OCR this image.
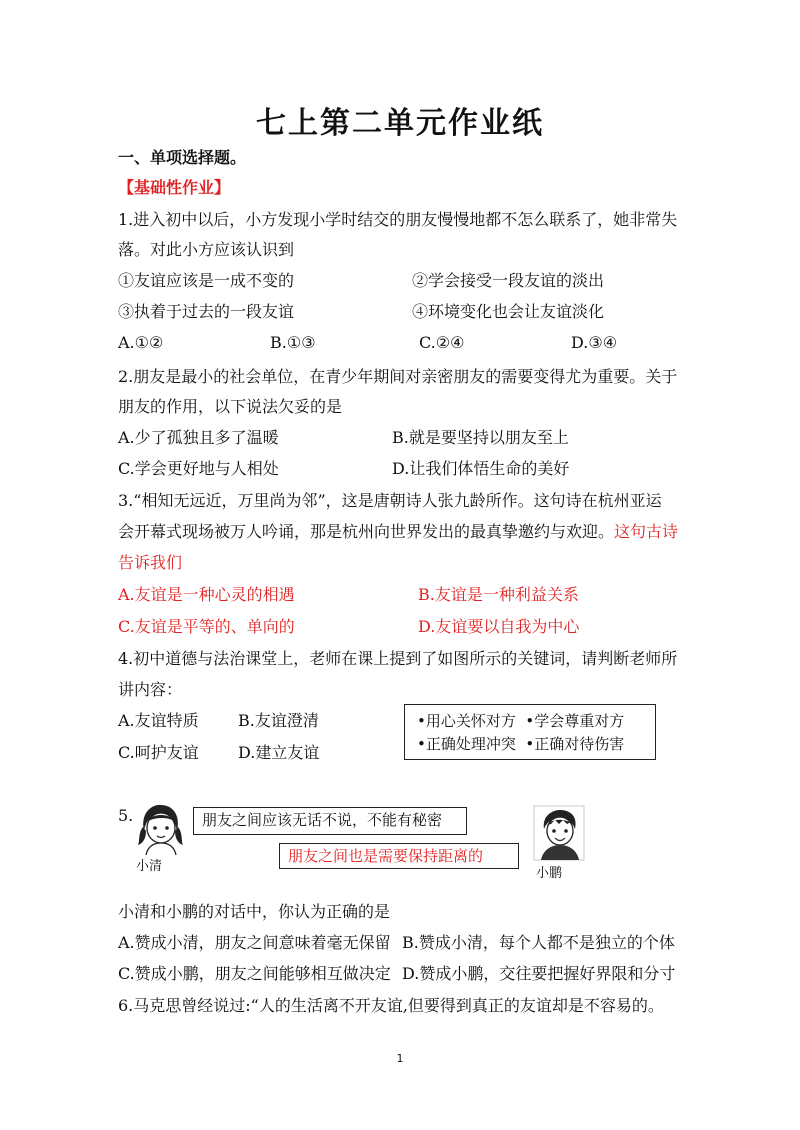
七上第二单元作业纸
一、单项选择题。
【基础性作业】
1.进入初中以后，小方发现小学时结交的朋友慢慢地都不怎么联系了，她非常失
落。对此小方应该认识到
①友谊应该是一成不变的	②学会接受一段友谊的淡出
③执着于过去的一段友谊	④环境变化也会让友谊淡化
A.①②	B.①③	C.②④	D.③④
2.朋友是最小的社会单位，在青少年期间对亲密朋友的需要变得尤为重要。关于
朋友的作用，以下说法欠妥的是
A.少了孤独且多了温暖	B.就是要坚持以朋友至上
C.学会更好地与人相处	D.让我们体悟生命的美好
3.“相知无远近，万里尚为邻”，这是唐朝诗人张九龄所作。这句诗在杭州亚运
会开幕式现场被万人吟诵，那是杭州向世界发出的最真挚邀约与欢迎。这句古诗
告诉我们
A.友谊是一种心灵的相遇	B.友谊是一种利益关系
C.友谊是平等的、单向的	D.友谊要以自我为中心
4.初中道德与法治课堂上，老师在课上提到了如图所示的关键词，请判断老师所
讲内容：
A.友谊特质 B.友谊澄清
C.呵护友谊 D.建立友谊
•用心关怀对方 •学会尊重对方
•正确处理冲突 •正确对待伤害
5.
小清
朋友之间应该无话不说，不能有秘密
朋友之间也是需要保持距离的
小鹏
小清和小鹏的对话中，你认为正确的是
A.赞成小清，朋友之间意味着毫无保留 B.赞成小清，每个人都不是独立的个体
C.赞成小鹏，朋友之间能够相互做决定 D.赞成小鹏，交往要把握好界限和分寸
6.马克思曾经说过:“人的生活离不开友谊,但要得到真正的友谊却是不容易的。
1
